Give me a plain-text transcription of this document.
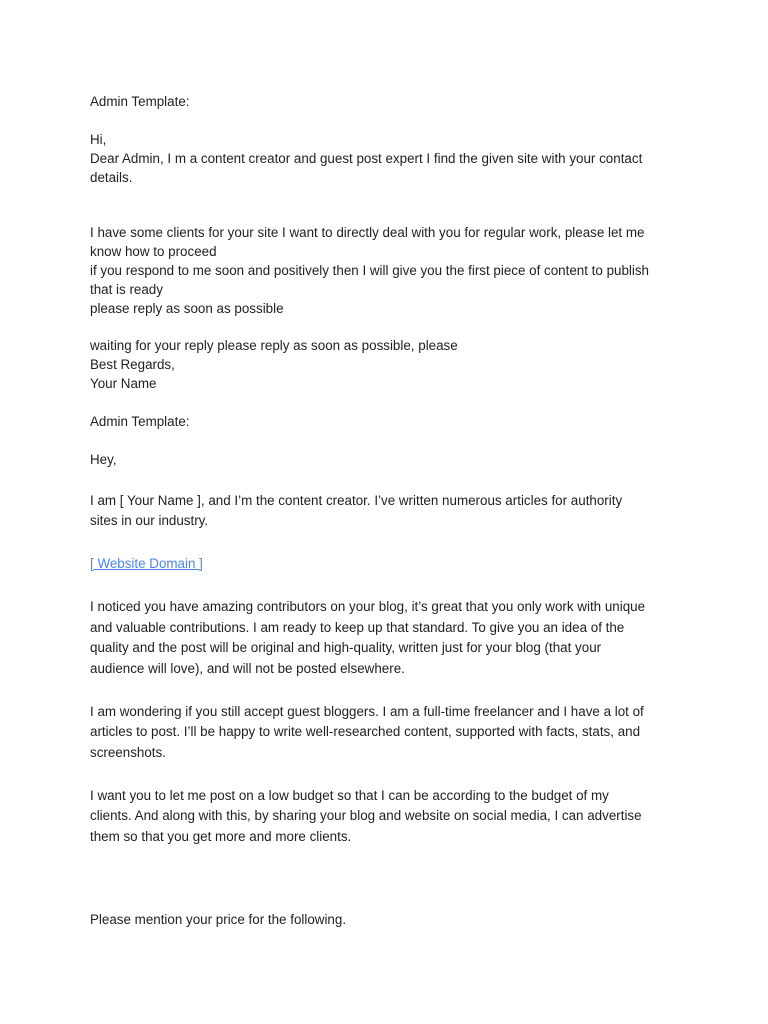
Admin Template:

Hi,

Dear Admin, I m a content creator and guest post expert I find the given site with your contact

details.

I have some clients for your site I want to directly deal with you for regular work, please let me

know how to proceed

if you respond to me soon and positively then I will give you the first piece of content to publish

that is ready

please reply as soon as possible

waiting for your reply please reply as soon as possible, please

Best Regards,

Your Name

Admin Template:

Hey,

I am [ Your Name ], and I’m the content creator. I’ve written numerous articles for authority

sites in our industry.

[ Website Domain ]

I noticed you have amazing contributors on your blog, it’s great that you only work with unique

and valuable contributions. I am ready to keep up that standard. To give you an idea of the

quality and the post will be original and high-quality, written just for your blog (that your

audience will love), and will not be posted elsewhere.

I am wondering if you still accept guest bloggers. I am a full-time freelancer and I have a lot of

articles to post. I’ll be happy to write well-researched content, supported with facts, stats, and

screenshots.

I want you to let me post on a low budget so that I can be according to the budget of my

clients. And along with this, by sharing your blog and website on social media, I can advertise

them so that you get more and more clients.

Please mention your price for the following.
